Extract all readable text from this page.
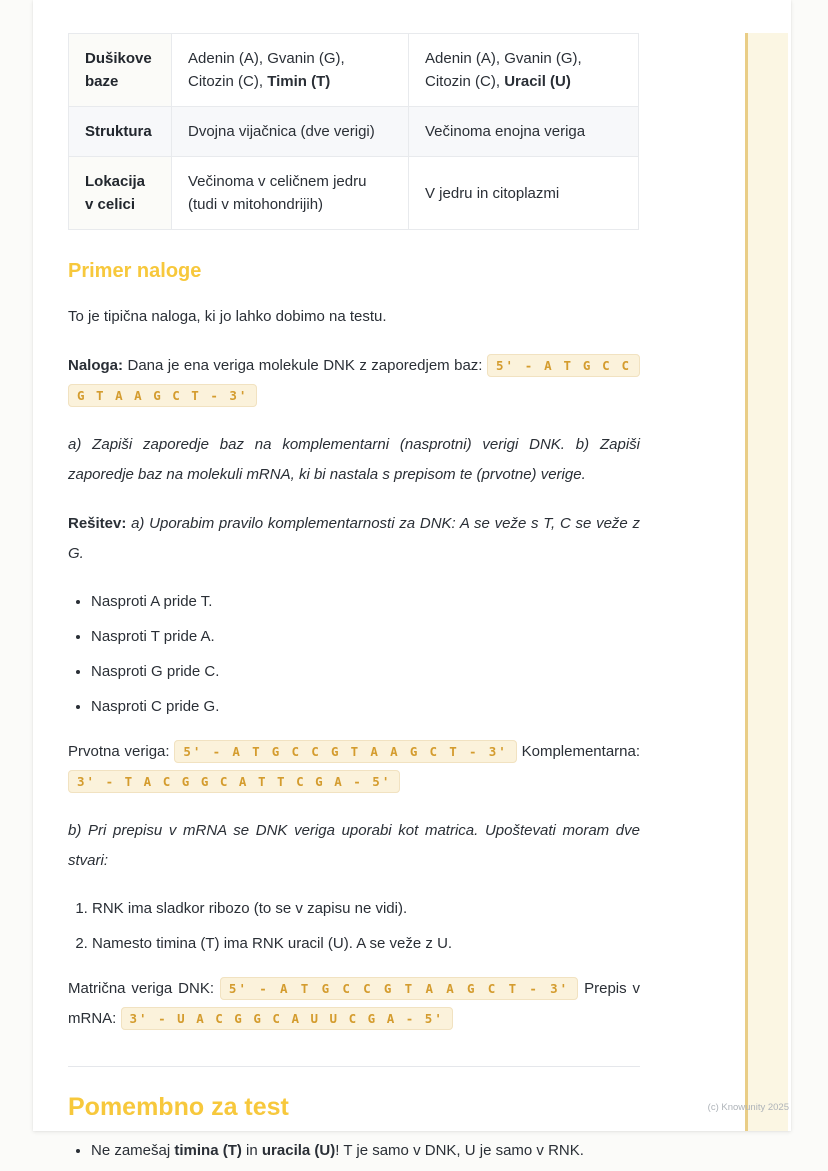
Dušikove baze	Adenin (A), Gvanin (G), Citozin (C), Timin (T)	Adenin (A), Gvanin (G), Citozin (C), Uracil (U)
Struktura	Dvojna vijačnica (dve verigi)	Večinoma enojna veriga
Lokacija v celici	Večinoma v celičnem jedru (tudi v mitohondrijih)	V jedru in citoplazmi
Primer naloge

To je tipična naloga, ki jo lahko dobimo na testu.

Naloga: Dana je ena veriga molekule DNK z zaporedjem baz: 5' - A T G C C G T A A G C T - 3'

a) Zapiši zaporedje baz na komplementarni (nasprotni) verigi DNK. b) Zapiši zaporedje baz na molekuli mRNA, ki bi nastala s prepisom te (prvotne) verige.

Rešitev: a) Uporabim pravilo komplementarnosti za DNK: A se veže s T, C se veže z G.

• Nasproti A pride T.
• Nasproti T pride A.
• Nasproti G pride C.
• Nasproti C pride G.

Prvotna veriga: 5' - A T G C C G T A A G C T - 3' Komplementarna: 3' - T A C G G C A T T C G A - 5'

b) Pri prepisu v mRNA se DNK veriga uporabi kot matrica. Upoštevati moram dve stvari:

1. RNK ima sladkor ribozo (to se v zapisu ne vidi).
2. Namesto timina (T) ima RNK uracil (U). A se veže z U.

Matrična veriga DNK: 5' - A T G C C G T A A G C T - 3' Prepis v mRNA: 3' - U A C G G C A U U C G A - 5'

Pomembno za test
• Ne zamešaj timina (T) in uracila (U)! T je samo v DNK, U je samo v RNK.
(c) Knowunity 2025
